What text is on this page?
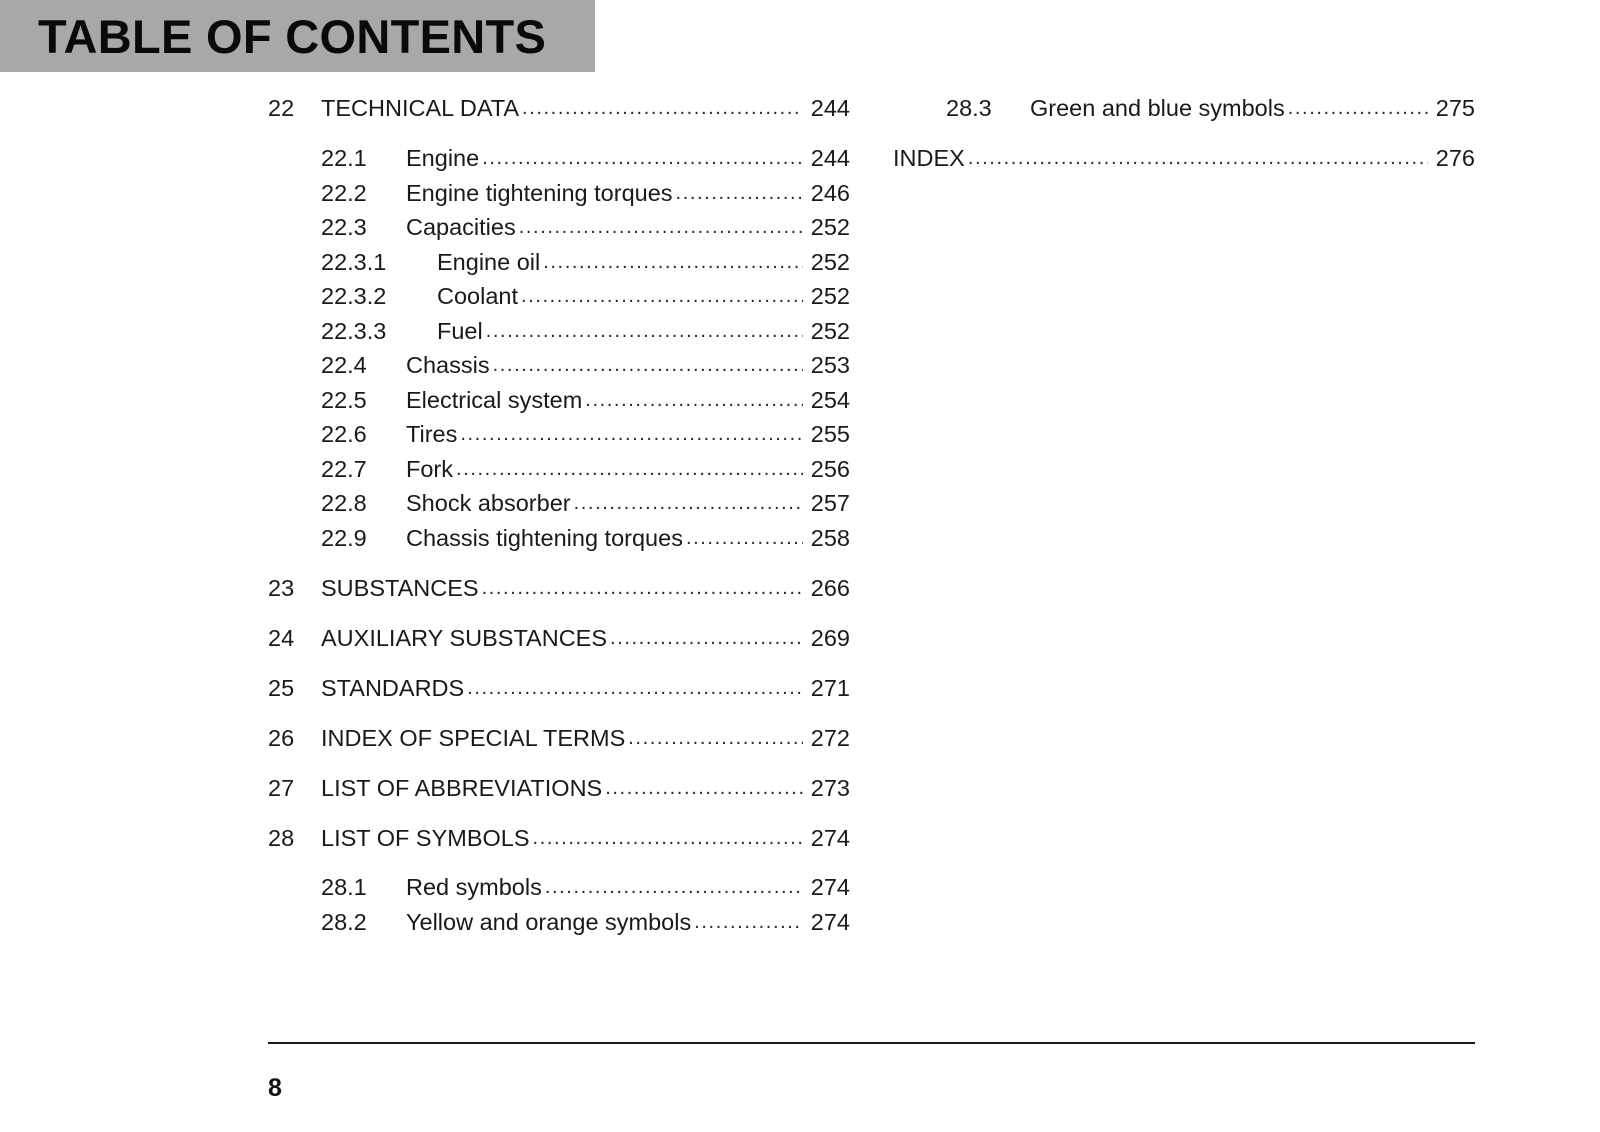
TABLE OF CONTENTS
22 TECHNICAL DATA .....	244
22.1 Engine .....	244
22.2 Engine tightening torques .....	246
22.3 Capacities .....	252
22.3.1 Engine oil .....	252
22.3.2 Coolant .....	252
22.3.3 Fuel .....	252
22.4 Chassis .....	253
22.5 Electrical system .....	254
22.6 Tires .....	255
22.7 Fork .....	256
22.8 Shock absorber .....	257
22.9 Chassis tightening torques .....	258
23 SUBSTANCES .....	266
24 AUXILIARY SUBSTANCES .....	269
25 STANDARDS .....	271
26 INDEX OF SPECIAL TERMS .....	272
27 LIST OF ABBREVIATIONS .....	273
28 LIST OF SYMBOLS .....	274
28.1 Red symbols .....	274
28.2 Yellow and orange symbols .....	274
28.3 Green and blue symbols .....	275
INDEX .....	276
8
